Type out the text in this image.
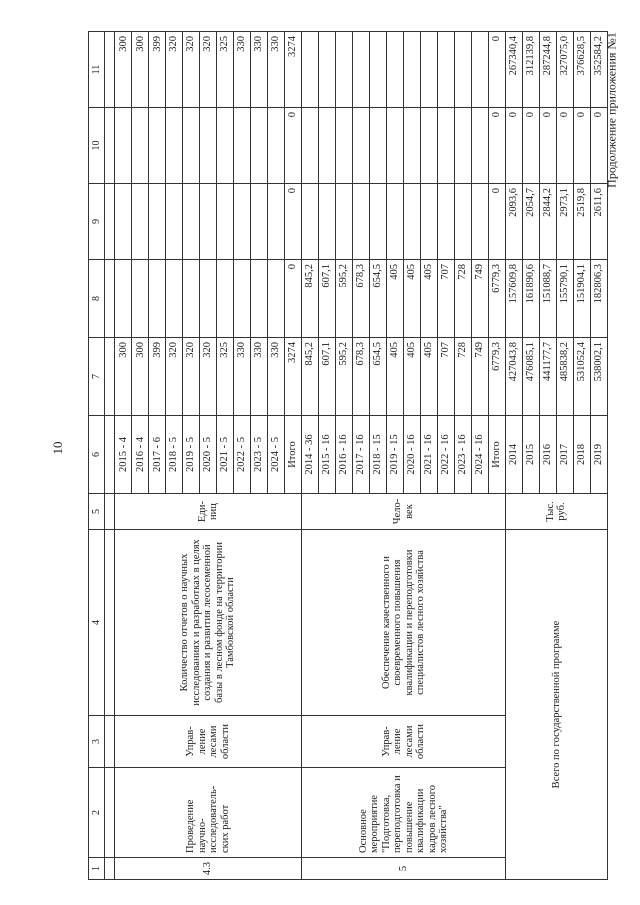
10
Продолжение приложения №1
1	2	3	4	5	6	7	8	9	10	11

4.3	Проведение научно-исследователь-ских работ	Управ-ление лесами области	Количество отчетов о научных исследованиях и разработках в целях создания и развития лесосеменной базы в лесном фонде на территории Тамбовской области	Еди-ниц	2015 - 4	300				300
					2016 - 4	300				300
					2017 - 6	399				399
					2018 - 5	320				320
					2019 - 5	320				320
					2020 - 5	320				320
					2021 - 5	325				325
					2022 - 5	330				330
					2023 - 5	330				330
					2024 - 5	330				330
					Итого	3274	0	0	0	3274
5	Основное мероприятие "Подготовка, переподготовка и повышение квалификации кадров лесного хозяйства"	Управ-ление лесами области	Обеспечение качественного и своевременного повышения квалификации и переподготовки специалистов лесного хозяйства	Чело-век	2014 - 36	845,2	845,2			
					2015 - 16	607,1	607,1			
					2016 - 16	595,2	595,2			
					2017 - 16	678,3	678,3			
					2018 - 15	654,5	654,5			
					2019 - 15	405	405			
					2020 - 16	405	405			
					2021 - 16	405	405			
					2022 - 16	707	707			
					2023 - 16	728	728			
					2024 - 16	749	749			
					Итого	6779,3	6779,3	0	0	0
Всего по государственной программе				Тыс. руб.	2014	427043,8	157609,8	2093,6	0	267340,4
					2015	476085,1	161890,6	2054,7	0	312139,8
					2016	441177,7	151088,7	2844,2	0	287244,8
					2017	485838,2	155790,1	2973,1	0	327075,0
					2018	531052,4	151904,1	2519,8	0	376628,5
					2019	538002,1	182806,3	2611,6	0	352584,2
